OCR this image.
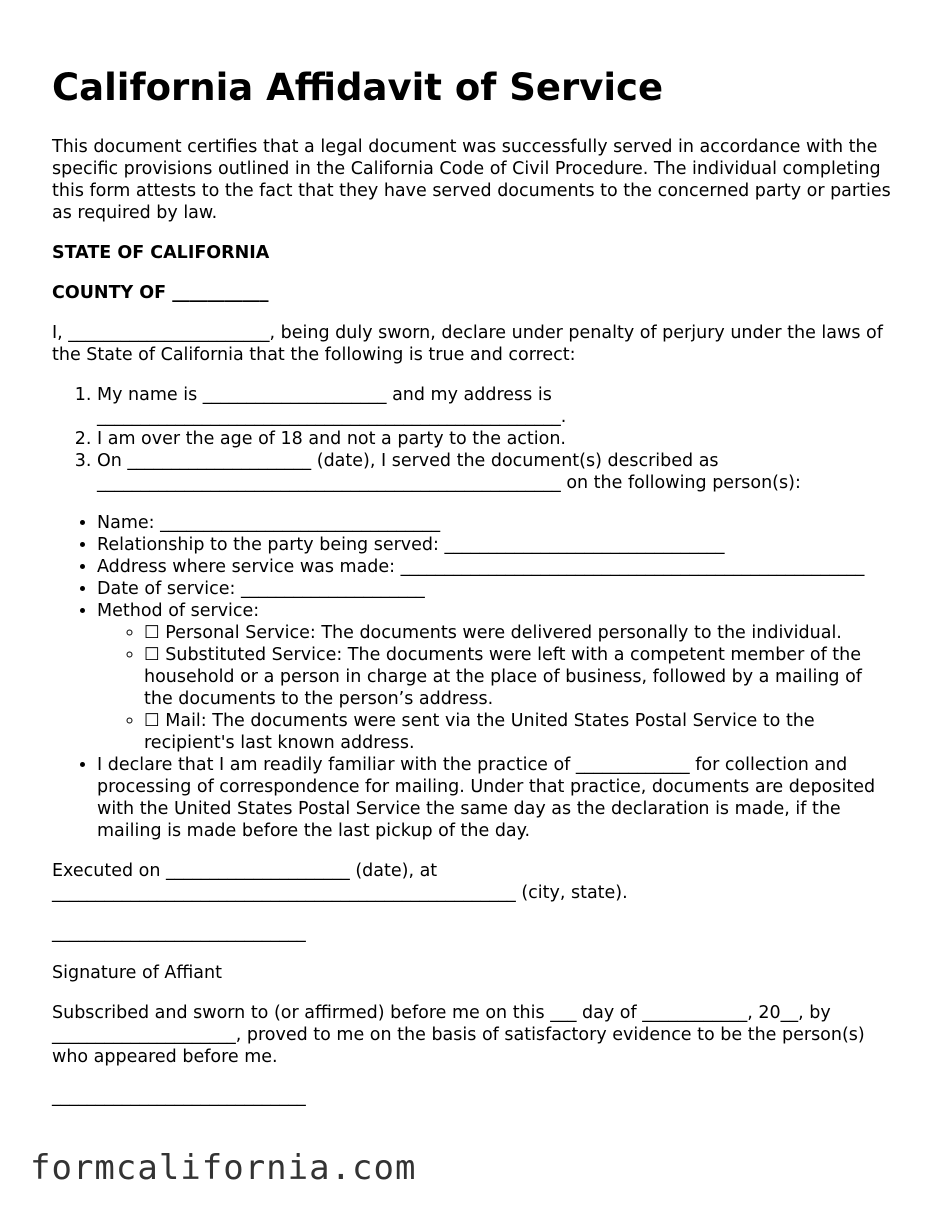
California Affidavit of Service

This document certifies that a legal document was successfully served in accordance with the specific provisions outlined in the California Code of Civil Procedure. The individual completing this form attests to the fact that they have served documents to the concerned party or parties as required by law.

STATE OF CALIFORNIA

COUNTY OF ___________

I, _______________________, being duly sworn, declare under penalty of perjury under the laws of the State of California that the following is true and correct:

1. My name is _____________________ and my address is _____________________________________________________.
2. I am over the age of 18 and not a party to the action.
3. On _____________________ (date), I served the document(s) described as _____________________________________________________ on the following person(s):
• Name: ________________________________
• Relationship to the party being served: ________________________________
• Address where service was made: _____________________________________________________
• Date of service: _____________________
• Method of service:
◦ ☐ Personal Service: The documents were delivered personally to the individual.
◦ ☐ Substituted Service: The documents were left with a competent member of the household or a person in charge at the place of business, followed by a mailing of the documents to the person’s address.
◦ ☐ Mail: The documents were sent via the United States Postal Service to the recipient's last known address.
• I declare that I am readily familiar with the practice of _____________ for collection and processing of correspondence for mailing. Under that practice, documents are deposited with the United States Postal Service the same day as the declaration is made, if the mailing is made before the last pickup of the day.

Executed on _____________________ (date), at _____________________________________________________ (city, state).

_____________________________

Signature of Affiant

Subscribed and sworn to (or affirmed) before me on this ___ day of ____________, 20__, by _____________________, proved to me on the basis of satisfactory evidence to be the person(s) who appeared before me.

_____________________________

formcalifornia.com
